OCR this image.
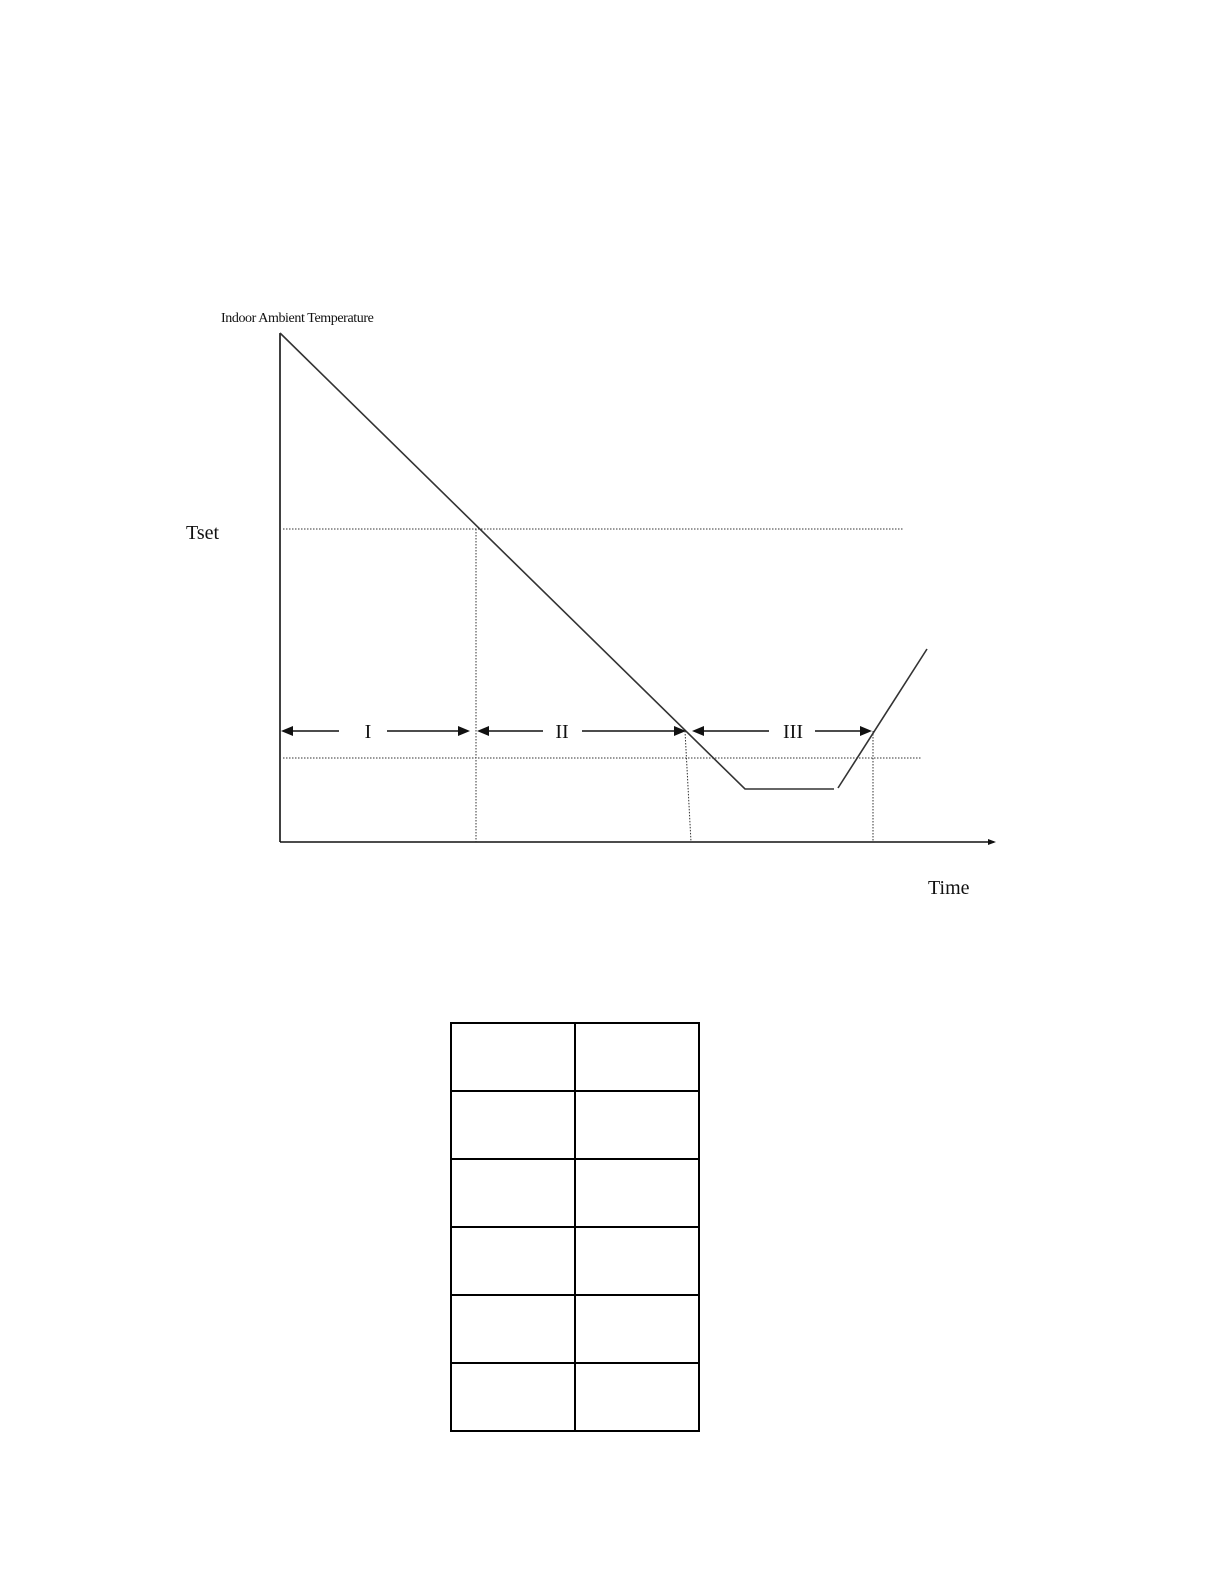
Indoor Ambient Temperature
Tset
I	II	III
Time
